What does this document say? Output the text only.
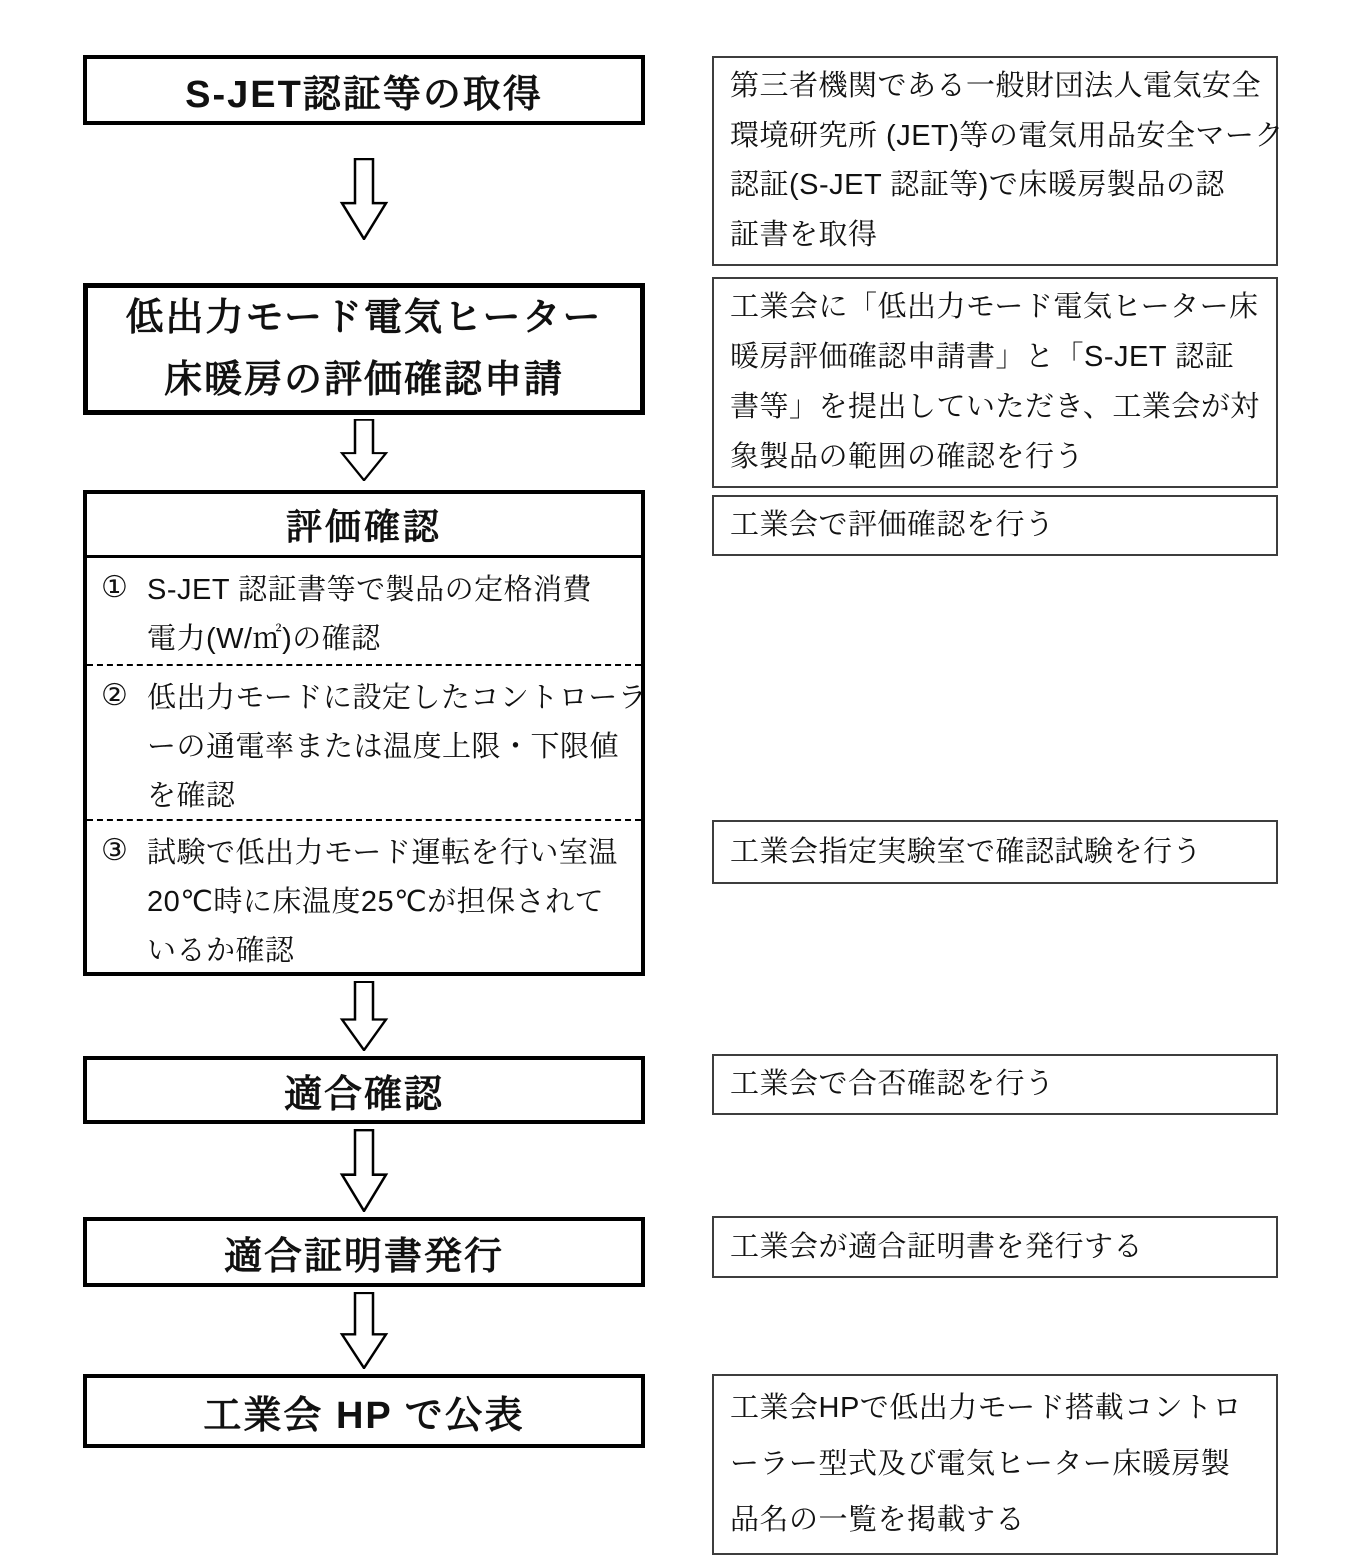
S-JET認証等の取得
低出力モード電気ヒーター
床暖房の評価確認申請
評価確認
① S-JET 認証書等で製品の定格消費
電力(W/㎡)の確認
② 低出力モードに設定したコントローラ
ーの通電率または温度上限・下限値
を確認
③ 試験で低出力モード運転を行い室温
20℃時に床温度25℃が担保されて
いるか確認
適合確認
適合証明書発行
工業会 HP で公表
第三者機関である一般財団法人電気安全
環境研究所 (JET)等の電気用品安全マーク
認証(S-JET 認証等)で床暖房製品の認
証書を取得
工業会に「低出力モード電気ヒーター床
暖房評価確認申請書」と「S-JET 認証
書等」を提出していただき、工業会が対
象製品の範囲の確認を行う
工業会で評価確認を行う
工業会指定実験室で確認試験を行う
工業会で合否確認を行う
工業会が適合証明書を発行する
工業会HPで低出力モード搭載コントロ
ーラー型式及び電気ヒーター床暖房製
品名の一覧を掲載する
